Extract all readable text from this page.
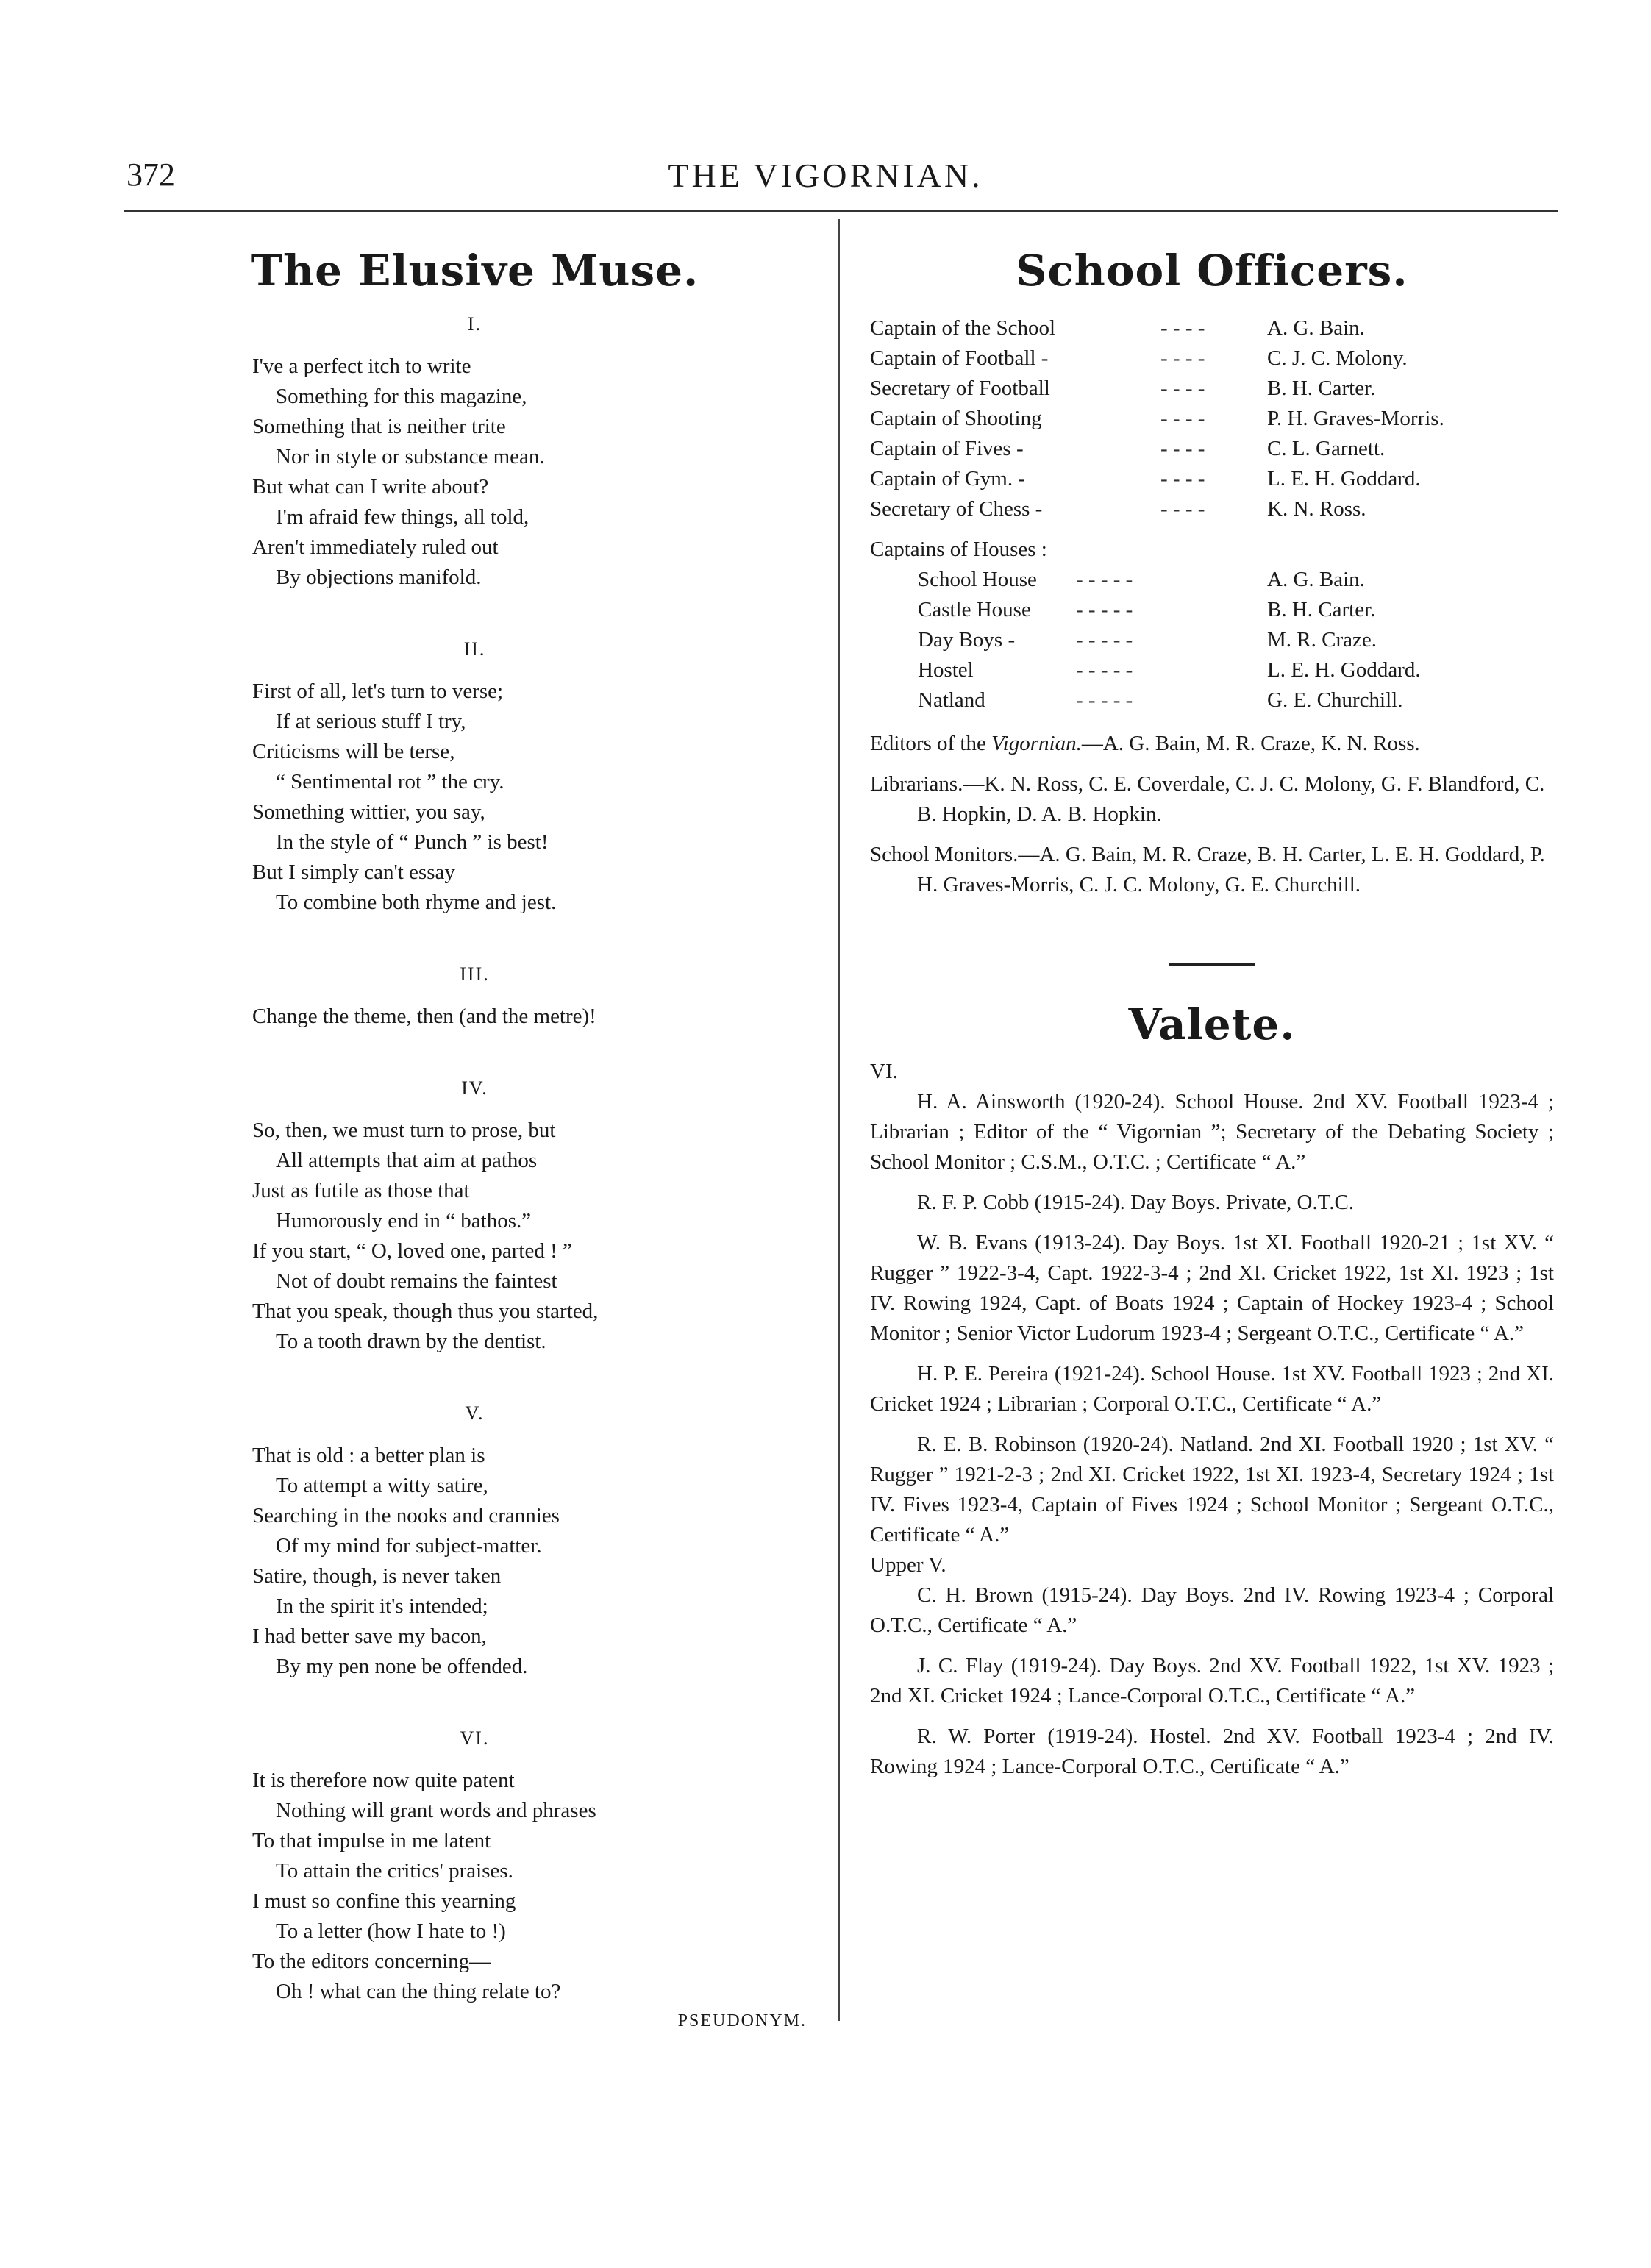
372	THE VIGORNIAN.
The Elusive Muse.
I.
I've a perfect itch to write
Something for this magazine,
Something that is neither trite
Nor in style or substance mean.
But what can I write about?
I'm afraid few things, all told,
Aren't immediately ruled out
By objections manifold.
II.
First of all, let's turn to verse;
If at serious stuff I try,
Criticisms will be terse,
“ Sentimental rot ” the cry.
Something wittier, you say,
In the style of “ Punch ” is best!
But I simply can't essay
To combine both rhyme and jest.
III.
Change the theme, then (and the metre)!
IV.
So, then, we must turn to prose, but
All attempts that aim at pathos
Just as futile as those that
Humorously end in “ bathos.”
If you start, “ O, loved one, parted ! ”
Not of doubt remains the faintest
That you speak, though thus you started,
To a tooth drawn by the dentist.
V.
That is old : a better plan is
To attempt a witty satire,
Searching in the nooks and crannies
Of my mind for subject-matter.
Satire, though, is never taken
In the spirit it's intended;
I had better save my bacon,
By my pen none be offended.
VI.
It is therefore now quite patent
Nothing will grant words and phrases
To that impulse in me latent
To attain the critics' praises.
I must so confine this yearning
To a letter (how I hate to !)
To the editors concerning—
Oh ! what can the thing relate to?
PSEUDONYM.
School Officers.
Captain of the School	- - - -	A. G. Bain.
Captain of Football -	- - - -	C. J. C. Molony.
Secretary of Football	- - - -	B. H. Carter.
Captain of Shooting	- - - -	P. H. Graves-Morris.
Captain of Fives -	- - - -	C. L. Garnett.
Captain of Gym. -	- - - -	L. E. H. Goddard.
Secretary of Chess -	- - - -	K. N. Ross.
Captains of Houses :
School House	- - - - -	A. G. Bain.
Castle House	- - - - -	B. H. Carter.
Day Boys -	- - - - -	M. R. Craze.
Hostel	- - - - -	L. E. H. Goddard.
Natland	- - - - -	G. E. Churchill.
Editors of the Vigornian.—A. G. Bain, M. R. Craze, K. N. Ross.
Librarians.—K. N. Ross, C. E. Coverdale, C. J. C. Molony, G. F. Blandford, C. B. Hopkin, D. A. B. Hopkin.
School Monitors.—A. G. Bain, M. R. Craze, B. H. Carter, L. E. H. Goddard, P. H. Graves-Morris, C. J. C. Molony, G. E. Churchill.
Valete.
VI.
H. A. Ainsworth (1920-24). School House. 2nd XV. Football 1923-4 ; Librarian ; Editor of the “ Vigornian ”; Secretary of the Debating Society ; School Monitor ; C.S.M., O.T.C. ; Certificate “ A.”
R. F. P. Cobb (1915-24). Day Boys. Private, O.T.C.
W. B. Evans (1913-24). Day Boys. 1st XI. Football 1920-21 ; 1st XV. “ Rugger ” 1922-3-4, Capt. 1922-3-4 ; 2nd XI. Cricket 1922, 1st XI. 1923 ; 1st IV. Rowing 1924, Capt. of Boats 1924 ; Captain of Hockey 1923-4 ; School Monitor ; Senior Victor Ludorum 1923-4 ; Sergeant O.T.C., Certificate “ A.”
H. P. E. Pereira (1921-24). School House. 1st XV. Football 1923 ; 2nd XI. Cricket 1924 ; Librarian ; Corporal O.T.C., Certificate “ A.”
R. E. B. Robinson (1920-24). Natland. 2nd XI. Football 1920 ; 1st XV. “ Rugger ” 1921-2-3 ; 2nd XI. Cricket 1922, 1st XI. 1923-4, Secretary 1924 ; 1st IV. Fives 1923-4, Captain of Fives 1924 ; School Monitor ; Sergeant O.T.C., Certificate “ A.”
Upper V.
C. H. Brown (1915-24). Day Boys. 2nd IV. Rowing 1923-4 ; Corporal O.T.C., Certificate “ A.”
J. C. Flay (1919-24). Day Boys. 2nd XV. Football 1922, 1st XV. 1923 ; 2nd XI. Cricket 1924 ; Lance-Corporal O.T.C., Certificate “ A.”
R. W. Porter (1919-24). Hostel. 2nd XV. Football 1923-4 ; 2nd IV. Rowing 1924 ; Lance-Corporal O.T.C., Certificate “ A.”
